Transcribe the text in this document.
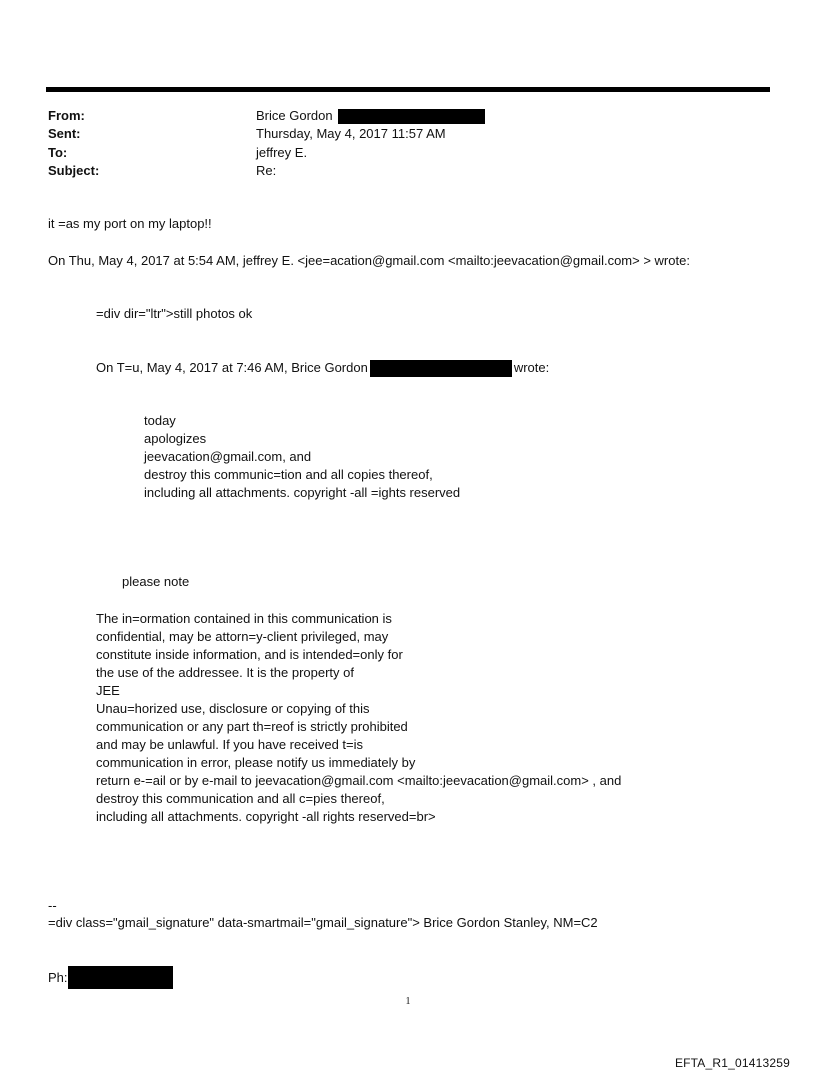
From:	Brice Gordon
Sent:	Thursday, May 4, 2017 11:57 AM
To:	jeffrey E.
Subject:	Re:
it =as my port on my laptop!!
On Thu, May 4, 2017 at 5:54 AM, jeffrey E. <jee=acation@gmail.com <mailto:jeevacation@gmail.com> > wrote:
=div dir="ltr">still photos ok
On T=u, May 4, 2017 at 7:46 AM, Brice Gordon	wrote:
today
apologizes
jeevacation@gmail.com, and
destroy this communic=tion and all copies thereof,
including all attachments. copyright -all =ights reserved
please note
The in=ormation contained in this communication is
confidential, may be attorn=y-client privileged, may
constitute inside information, and is intended=only for
the use of the addressee. It is the property of
JEE
Unau=horized use, disclosure or copying of this
communication or any part th=reof is strictly prohibited
and may be unlawful. If you have received t=is
communication in error, please notify us immediately by
return e-=ail or by e-mail to jeevacation@gmail.com <mailto:jeevacation@gmail.com> , and
destroy this communication and all c=pies thereof,
including all attachments. copyright -all rights reserved=br>
--
=div class="gmail_signature" data-smartmail="gmail_signature"> Brice Gordon Stanley, NM=C2
Ph:
1
EFTA_R1_01413259
